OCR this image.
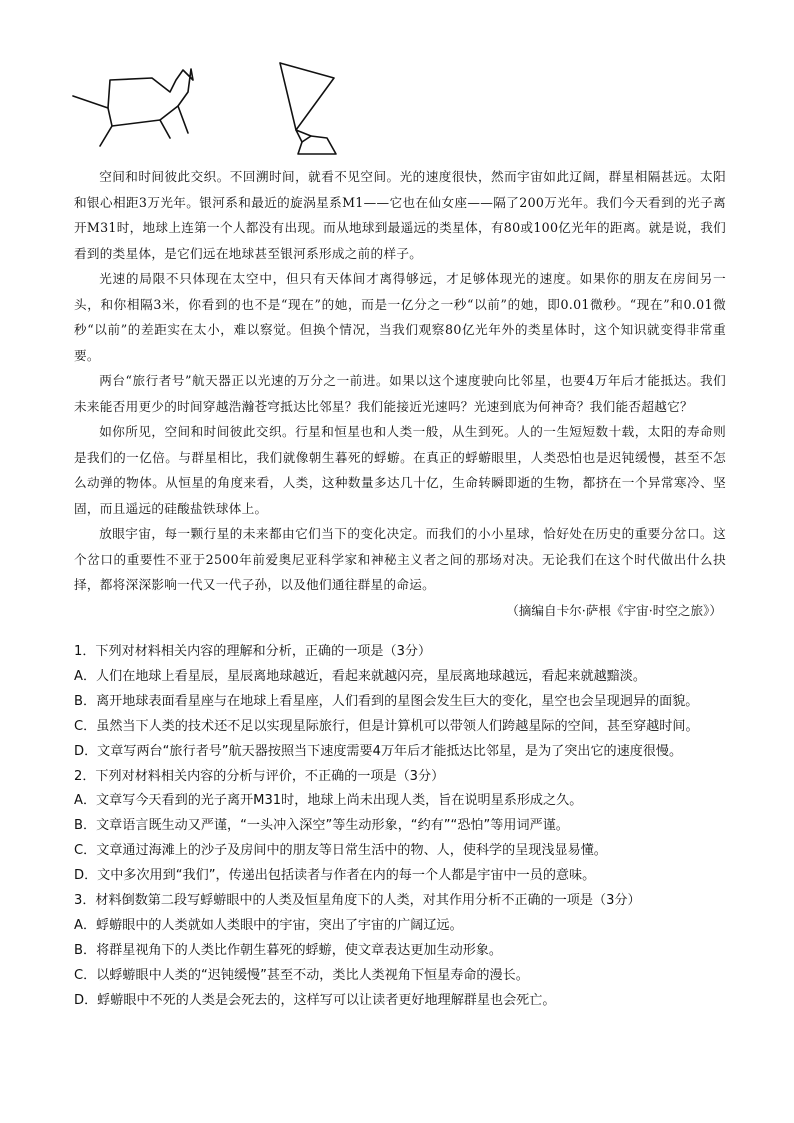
空间和时间彼此交织。不回溯时间，就看不见空间。光的速度很快，然而宇宙如此辽阔，群星相隔甚远。太阳和银心相距3万光年。银河系和最近的旋涡星系M1——它也在仙女座——隔了200万光年。我们今天看到的光子离开M31时，地球上连第一个人都没有出现。而从地球到最遥远的类星体，有80或100亿光年的距离。就是说，我们看到的类星体，是它们远在地球甚至银河系形成之前的样子。

光速的局限不只体现在太空中，但只有天体间才离得够远，才足够体现光的速度。如果你的朋友在房间另一头，和你相隔3米，你看到的也不是“现在”的她，而是一亿分之一秒“以前”的她，即0.01微秒。“现在”和0.01微秒“以前”的差距实在太小，难以察觉。但换个情况，当我们观察80亿光年外的类星体时，这个知识就变得非常重要。

两台“旅行者号”航天器正以光速的万分之一前进。如果以这个速度驶向比邻星，也要4万年后才能抵达。我们未来能否用更少的时间穿越浩瀚苍穹抵达比邻星？我们能接近光速吗？光速到底为何神奇？我们能否超越它？

如你所见，空间和时间彼此交织。行星和恒星也和人类一般，从生到死。人的一生短短数十载，太阳的寿命则是我们的一亿倍。与群星相比，我们就像朝生暮死的蜉蝣。在真正的蜉蝣眼里，人类恐怕也是迟钝缓慢，甚至不怎么动弹的物体。从恒星的角度来看，人类，这种数量多达几十亿，生命转瞬即逝的生物，都挤在一个异常寒冷、坚固，而且遥远的硅酸盐铁球体上。

放眼宇宙，每一颗行星的未来都由它们当下的变化决定。而我们的小小星球，恰好处在历史的重要分岔口。这个岔口的重要性不亚于2500年前爱奥尼亚科学家和神秘主义者之间的那场对决。无论我们在这个时代做出什么抉择，都将深深影响一代又一代子孙，以及他们通往群星的命运。

（摘编自卡尔·萨根《宇宙·时空之旅》）

1．下列对材料相关内容的理解和分析，正确的一项是（3分）

A．人们在地球上看星辰，星辰离地球越近，看起来就越闪亮，星辰离地球越远，看起来就越黯淡。

B．离开地球表面看星座与在地球上看星座，人们看到的星图会发生巨大的变化，星空也会呈现迥异的面貌。

C．虽然当下人类的技术还不足以实现星际旅行，但是计算机可以带领人们跨越星际的空间，甚至穿越时间。

D．文章写两台“旅行者号”航天器按照当下速度需要4万年后才能抵达比邻星，是为了突出它的速度很慢。

2．下列对材料相关内容的分析与评价，不正确的一项是（3分）

A．文章写今天看到的光子离开M31时，地球上尚未出现人类，旨在说明星系形成之久。

B．文章语言既生动又严谨，“一头冲入深空”等生动形象，“约有”“恐怕”等用词严谨。

C．文章通过海滩上的沙子及房间中的朋友等日常生活中的物、人，使科学的呈现浅显易懂。

D．文中多次用到“我们”，传递出包括读者与作者在内的每一个人都是宇宙中一员的意味。

3．材料倒数第二段写蜉蝣眼中的人类及恒星角度下的人类，对其作用分析不正确的一项是（3分）

A．蜉蝣眼中的人类就如人类眼中的宇宙，突出了宇宙的广阔辽远。

B．将群星视角下的人类比作朝生暮死的蜉蝣，使文章表达更加生动形象。

C．以蜉蝣眼中人类的“迟钝缓慢”甚至不动，类比人类视角下恒星寿命的漫长。

D．蜉蝣眼中不死的人类是会死去的，这样写可以让读者更好地理解群星也会死亡。
